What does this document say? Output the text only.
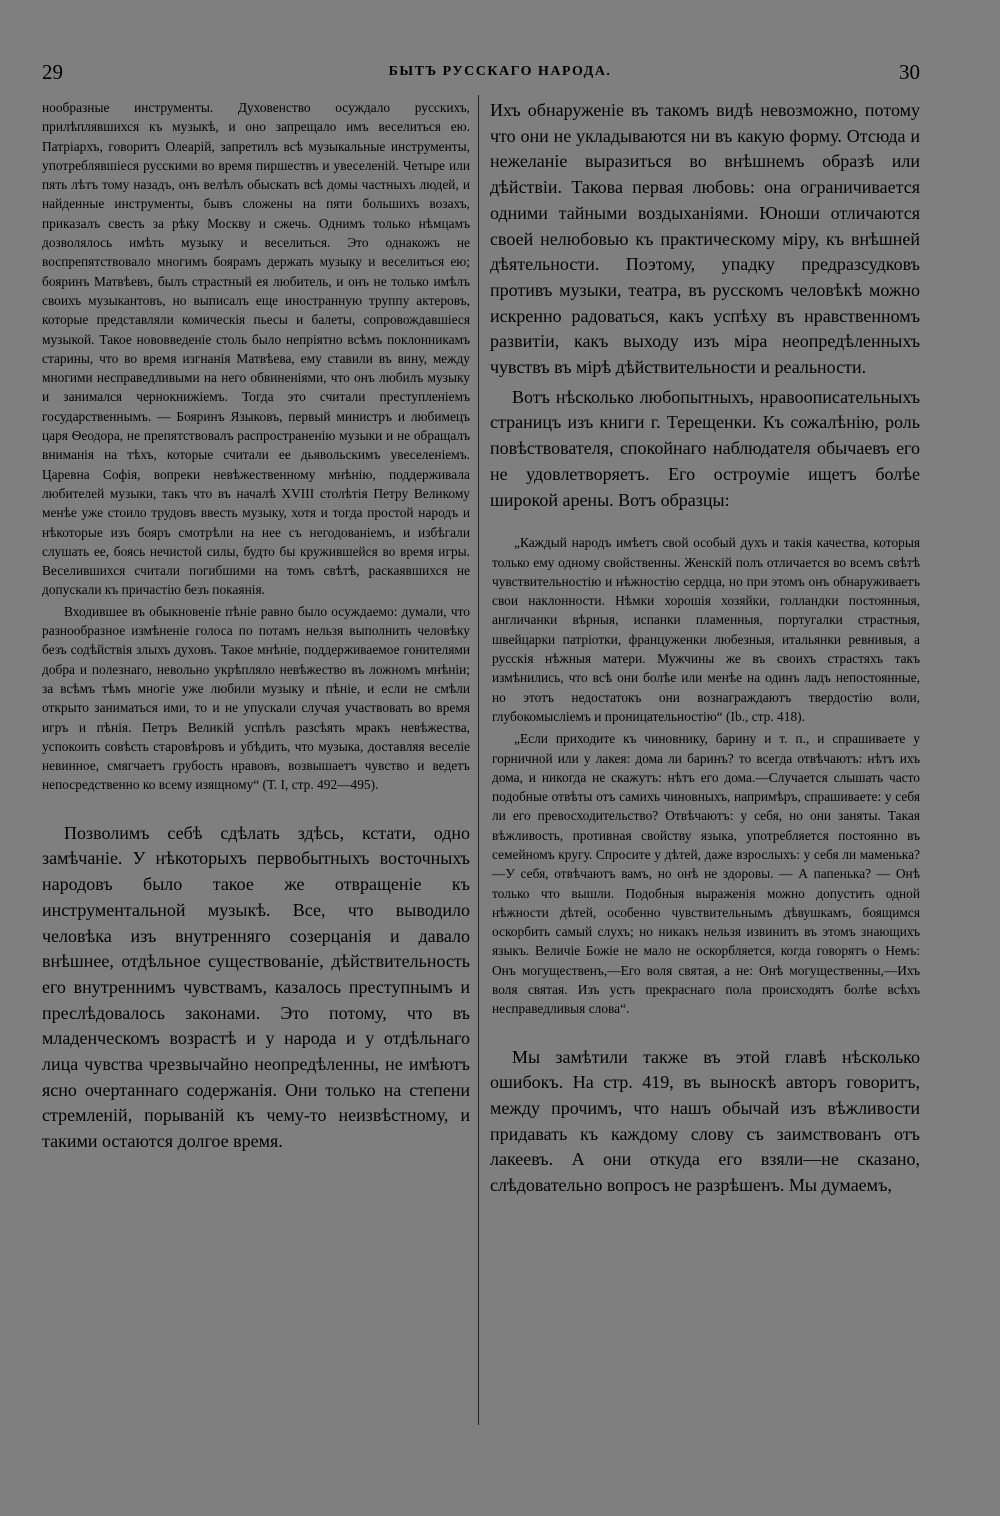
29	БЫТЪ РУССКАГО НАРОДА.	30

нообразные инструменты. Духовенство осуждало русскихъ, прилѣплявшихся къ музыкѣ, и оно запрещало имъ веселиться ею. Патріархъ, говоритъ Олеарій, запретилъ всѣ музыкальные инструменты, употреблявшіеся русскими во время пиршествъ и увеселеній. Четыре или пять лѣтъ тому назадъ, онъ велѣлъ обыскать всѣ домы частныхъ людей, и найденные инструменты, бывъ сложены на пяти большихъ возахъ, приказалъ свесть за рѣку Москву и сжечь. Однимъ только нѣмцамъ дозволялось имѣть музыку и веселиться. Это однакожъ не воспрепятствовало многимъ боярамъ держать музыку и веселиться ею; бояринъ Матвѣевъ, былъ страстный ея любитель, и онъ не только имѣлъ своихъ музыкантовъ, но выписалъ еще иностранную труппу актеровъ, которые представляли комическія пьесы и балеты, сопровождавшіеся музыкой. Такое нововведеніе столь было непріятно всѣмъ поклонникамъ старины, что во время изгнанія Матвѣева, ему ставили въ вину, между многими несправедливыми на него обвиненіями, что онъ любилъ музыку и занимался чернокнижіемъ. Тогда это считали преступленіемъ государственнымъ. — Бояринъ Языковъ, первый министръ и любимецъ царя Ѳеодора, не препятствовалъ распространенію музыки и не обращалъ вниманія на тѣхъ, которые считали ее дьявольскимъ увеселеніемъ. Царевна Софія, вопреки невѣжественному мнѣнію, поддерживала любителей музыки, такъ что въ началѣ XVIII столѣтія Петру Великому менѣе уже стоило трудовъ ввесть музыку, хотя и тогда простой народъ и нѣкоторые изъ бояръ смотрѣли на нее съ негодованіемъ, и избѣгали слушать ее, боясь нечистой силы, будто бы кружившейся во время игры. Веселившихся считали погибшими на томъ свѣтѣ, раскаявшихся не допускали къ причастію безъ покаянія.

Входившее въ обыкновеніе пѣніе равно было осуждаемо: думали, что разнообразное измѣненіе голоса по потамъ нельзя выполнить человѣку безъ содѣйствія злыхъ духовъ. Такое мнѣніе, поддерживаемое гонителями добра и полезнаго, невольно укрѣпляло невѣжество въ ложномъ мнѣніи; за всѣмъ тѣмъ многіе уже любили музыку и пѣніе, и если не смѣли открыто заниматься ими, то и не упускали случая участвовать во время игръ и пѣнія. Петръ Великій успѣлъ разсѣять мракъ невѣжества, успокоить совѣсть старовѣровъ и убѣдить, что музыка, доставляя веселіе невинное, смягчаетъ грубость нравовъ, возвышаетъ чувство и ведетъ непосредственно ко всему изящному“ (Т. I, стр. 492—495).

Позволимъ себѣ сдѣлать здѣсь, кстати, одно замѣчаніе. У нѣкоторыхъ первобытныхъ восточныхъ народовъ было такое же отвращеніе къ инструментальной музыкѣ. Все, что выводило человѣка изъ внутренняго созерцанія и давало внѣшнее, отдѣльное существованіе, дѣйствительность его внутреннимъ чувствамъ, казалось преступнымъ и преслѣдовалось законами. Это потому, что въ младенческомъ возрастѣ и у народа и у отдѣльнаго лица чувства чрезвычайно неопредѣленны, не имѣютъ ясно очертаннаго содержанія. Они только на степени стремленій, порываній къ чему-то неизвѣстному, и такими остаются долгое время.

Ихъ обнаруженіе въ такомъ видѣ невозможно, потому что они не укладываются ни въ какую форму. Отсюда и нежеланіе выразиться во внѣшнемъ образѣ или дѣйствіи. Такова первая любовь: она ограничивается одними тайными воздыханіями. Юноши отличаются своей нелюбовью къ практическому міру, къ внѣшней дѣятельности. Поэтому, упадку предразсудковъ противъ музыки, театра, въ русскомъ человѣкѣ можно искренно радоваться, какъ успѣху въ нравственномъ развитіи, какъ выходу изъ міра неопредѣленныхъ чувствъ въ мірѣ дѣйствительности и реальности.

Вотъ нѣсколько любопытныхъ, нравоописательныхъ страницъ изъ книги г. Терещенки. Къ сожалѣнію, роль повѣствователя, спокойнаго наблюдателя обычаевъ его не удовлетворяетъ. Его остроуміе ищетъ болѣе широкой арены. Вотъ образцы:

„Каждый народъ имѣетъ свой особый духъ и такія качества, которыя только ему одному свойственны. Женскій полъ отличается во всемъ свѣтѣ чувствительностію и нѣжностію сердца, но при этомъ онъ обнаруживаетъ свои наклонности. Нѣмки хорошія хозяйки, голландки постоянныя, англичанки вѣрныя, испанки пламенныя, португалки страстныя, швейцарки патріотки, француженки любезныя, итальянки ревнивыя, а русскія нѣжныя матери. Мужчины же въ своихъ страстяхъ такъ измѣнились, что всѣ они болѣе или менѣе на одинъ ладъ непостоянные, но этотъ недостатокъ они вознаграждаютъ твердостію воли, глубокомысліемъ и проницательностію“ (Ib., стр. 418).

„Если приходите къ чиновнику, барину и т. п., и спрашиваете у горничной или у лакея: дома ли баринъ? то всегда отвѣчаютъ: нѣтъ ихъ дома, и никогда не скажутъ: нѣтъ его дома.—Случается слышать часто подобные отвѣты отъ самихъ чиновныхъ, напримѣръ, спрашиваете: у себя ли его превосходительство? Отвѣчаютъ: у себя, но они заняты. Такая вѣжливость, противная свойству языка, употребляется постоянно въ семейномъ кругу. Спросите у дѣтей, даже взрослыхъ: у себя ли маменька?—У себя, отвѣчаютъ вамъ, но онѣ не здоровы. — А папенька? — Онѣ только что вышли. Подобныя выраженія можно допустить одной нѣжности дѣтей, особенно чувствительнымъ дѣвушкамъ, боящимся оскорбить самый слухъ; но никакъ нельзя извинить въ этомъ знающихъ языкъ. Величіе Божіе не мало не оскорбляется, когда говорятъ о Немъ: Онъ могущественъ,—Его воля святая, а не: Онѣ могущественны,—Ихъ воля святая. Изъ устъ прекраснаго пола происходятъ болѣе всѣхъ несправедливыя слова“.

Мы замѣтили также въ этой главѣ нѣсколько ошибокъ. На стр. 419, въ выноскѣ авторъ говоритъ, между прочимъ, что нашъ обычай изъ вѣжливости придавать къ каждому слову съ заимствованъ отъ лакеевъ. А они откуда его взяли—не сказано, слѣдовательно вопросъ не разрѣшенъ. Мы думаемъ,
